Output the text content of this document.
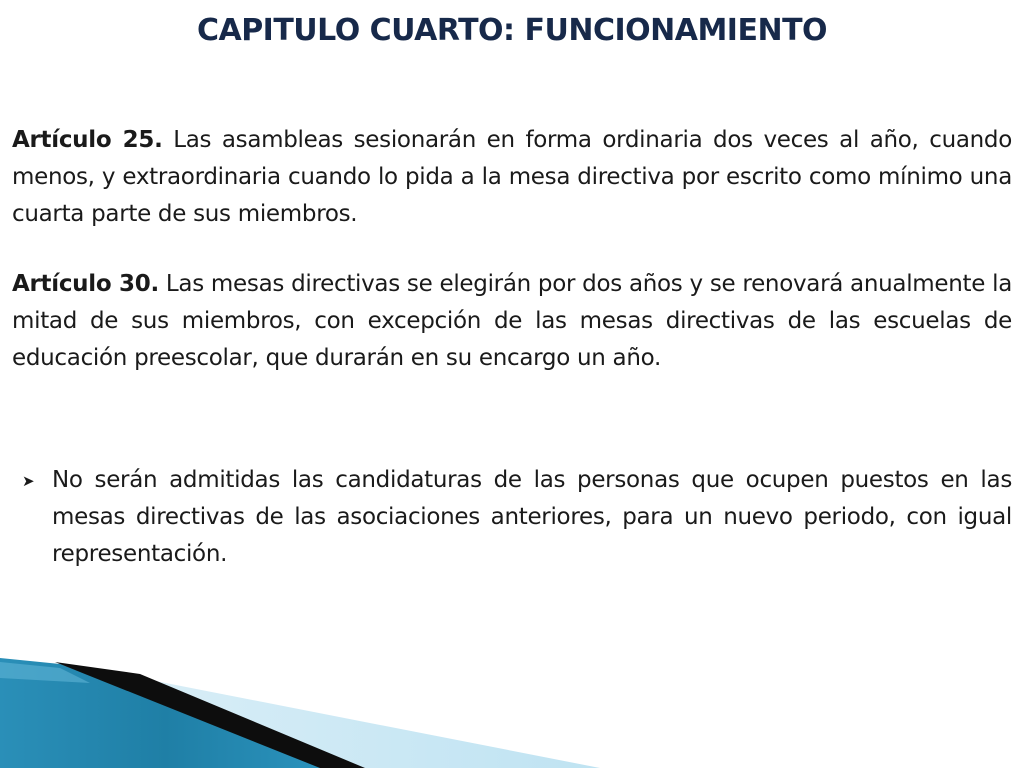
CAPITULO CUARTO: FUNCIONAMIENTO
Artículo 25. Las asambleas sesionarán en forma ordinaria dos veces al año, cuando menos, y extraordinaria cuando lo pida a la mesa directiva por escrito como mínimo una cuarta parte de sus miembros.
Artículo 30. Las mesas directivas se elegirán por dos años y se renovará anualmente la mitad de sus miembros, con excepción de las mesas directivas de las escuelas de educación preescolar, que durarán en su encargo un año.
➤ No serán admitidas las candidaturas de las personas que ocupen puestos en las mesas directivas de las asociaciones anteriores, para un nuevo periodo, con igual representación.
